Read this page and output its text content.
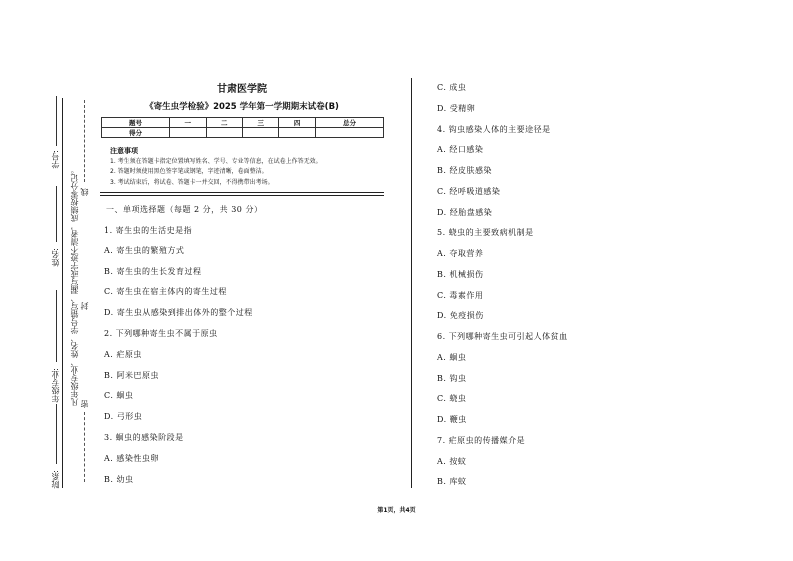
学号:
姓名:
年级专业:
院系:
凡年级专业、姓名、学号错写、漏写或字迹不清者，成绩按零分记。 线
封
密
甘肃医学院
《寄生虫学检验》2025 学年第一学期期末试卷(B)
题号	一	二	三	四	总分
得分					
注意事项
1. 考生须在答题卡指定位置填写姓名、学号、专业等信息，在试卷上作答无效。
2. 答题时须使用黑色签字笔或钢笔，字迹清晰，卷面整洁。
3. 考试结束后，将试卷、答题卡一并交回，不得携带出考场。
一、单项选择题（每题 2 分，共 30 分）
1. 寄生虫的生活史是指
A. 寄生虫的繁殖方式
B. 寄生虫的生长发育过程
C. 寄生虫在宿主体内的寄生过程
D. 寄生虫从感染到排出体外的整个过程
2. 下列哪种寄生虫不属于原虫
A. 疟原虫
B. 阿米巴原虫
C. 蛔虫
D. 弓形虫
3. 蛔虫的感染阶段是
A. 感染性虫卵
B. 幼虫
C. 成虫
D. 受精卵
4. 钩虫感染人体的主要途径是
A. 经口感染
B. 经皮肤感染
C. 经呼吸道感染
D. 经胎盘感染
5. 蛲虫的主要致病机制是
A. 夺取营养
B. 机械损伤
C. 毒素作用
D. 免疫损伤
6. 下列哪种寄生虫可引起人体贫血
A. 蛔虫
B. 钩虫
C. 蛲虫
D. 鞭虫
7. 疟原虫的传播媒介是
A. 按蚊
B. 库蚊
第1页，共4页
